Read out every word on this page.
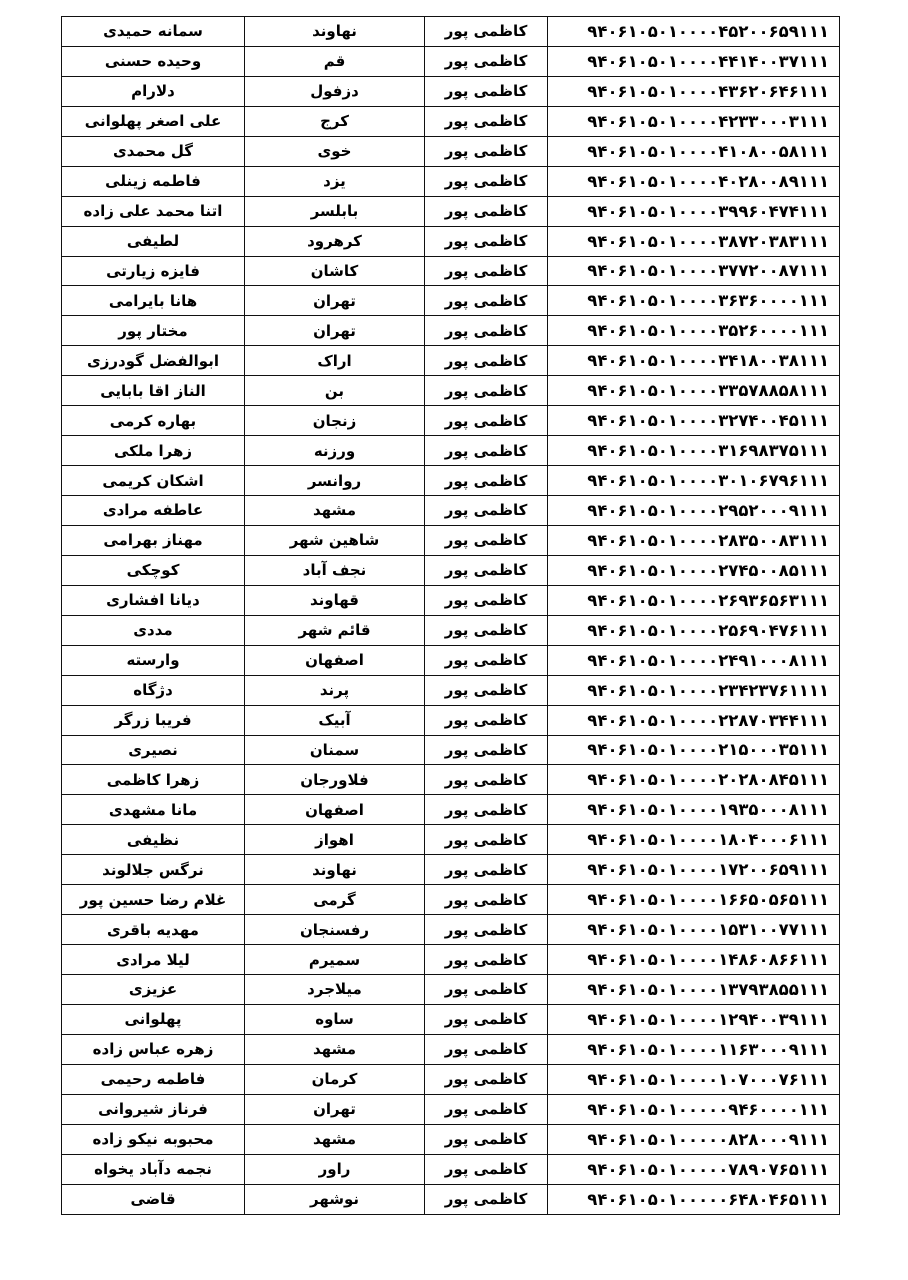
۹۴۰۶۱۰۵۰۱۰۰۰۰۴۵۲۰۰۶۵۹۱۱۱	کاظمی پور	نهاوند	سمانه حمیدی
۹۴۰۶۱۰۵۰۱۰۰۰۰۴۴۱۴۰۰۳۷۱۱۱	کاظمی پور	قم	وحیده حسنی
۹۴۰۶۱۰۵۰۱۰۰۰۰۴۳۶۲۰۶۴۶۱۱۱	کاظمی پور	دزفول	دلارام
۹۴۰۶۱۰۵۰۱۰۰۰۰۴۲۳۳۰۰۰۳۱۱۱	کاظمی پور	کرج	علی اصغر پهلوانی
۹۴۰۶۱۰۵۰۱۰۰۰۰۴۱۰۸۰۰۵۸۱۱۱	کاظمی پور	خوی	گل محمدی
۹۴۰۶۱۰۵۰۱۰۰۰۰۴۰۲۸۰۰۸۹۱۱۱	کاظمی پور	یزد	فاطمه زینلی
۹۴۰۶۱۰۵۰۱۰۰۰۰۳۹۹۶۰۴۷۴۱۱۱	کاظمی پور	بابلسر	اتنا محمد علی زاده
۹۴۰۶۱۰۵۰۱۰۰۰۰۳۸۷۲۰۳۸۳۱۱۱	کاظمی پور	کرهرود	لطیفی
۹۴۰۶۱۰۵۰۱۰۰۰۰۳۷۷۲۰۰۸۷۱۱۱	کاظمی پور	کاشان	فایزه زیارتی
۹۴۰۶۱۰۵۰۱۰۰۰۰۳۶۳۶۰۰۰۰۱۱۱	کاظمی پور	تهران	هانا بایرامی
۹۴۰۶۱۰۵۰۱۰۰۰۰۳۵۲۶۰۰۰۰۱۱۱	کاظمی پور	تهران	مختار پور
۹۴۰۶۱۰۵۰۱۰۰۰۰۳۴۱۸۰۰۳۸۱۱۱	کاظمی پور	اراک	ابوالفضل گودرزی
۹۴۰۶۱۰۵۰۱۰۰۰۰۳۳۵۷۸۸۵۸۱۱۱	کاظمی پور	بن	الناز اقا بابایی
۹۴۰۶۱۰۵۰۱۰۰۰۰۳۲۷۴۰۰۴۵۱۱۱	کاظمی پور	زنجان	بهاره کرمی
۹۴۰۶۱۰۵۰۱۰۰۰۰۳۱۶۹۸۳۷۵۱۱۱	کاظمی پور	ورزنه	زهرا ملکی
۹۴۰۶۱۰۵۰۱۰۰۰۰۳۰۱۰۶۷۹۶۱۱۱	کاظمی پور	روانسر	اشکان کریمی
۹۴۰۶۱۰۵۰۱۰۰۰۰۲۹۵۲۰۰۰۹۱۱۱	کاظمی پور	مشهد	عاطفه مرادی
۹۴۰۶۱۰۵۰۱۰۰۰۰۲۸۳۵۰۰۸۳۱۱۱	کاظمی پور	شاهین شهر	مهناز بهرامی
۹۴۰۶۱۰۵۰۱۰۰۰۰۲۷۴۵۰۰۸۵۱۱۱	کاظمی پور	نجف آباد	کوچکی
۹۴۰۶۱۰۵۰۱۰۰۰۰۲۶۹۳۶۵۶۳۱۱۱	کاظمی پور	قهاوند	دیانا افشاری
۹۴۰۶۱۰۵۰۱۰۰۰۰۲۵۶۹۰۴۷۶۱۱۱	کاظمی پور	قائم شهر	مددی
۹۴۰۶۱۰۵۰۱۰۰۰۰۲۴۹۱۰۰۰۸۱۱۱	کاظمی پور	اصفهان	وارسته
۹۴۰۶۱۰۵۰۱۰۰۰۰۲۳۴۲۳۷۶۱۱۱۱	کاظمی پور	پرند	دژگاه
۹۴۰۶۱۰۵۰۱۰۰۰۰۲۲۸۷۰۳۴۴۱۱۱	کاظمی پور	آبیک	فریبا زرگر
۹۴۰۶۱۰۵۰۱۰۰۰۰۲۱۵۰۰۰۳۵۱۱۱	کاظمی پور	سمنان	نصیری
۹۴۰۶۱۰۵۰۱۰۰۰۰۲۰۲۸۰۸۴۵۱۱۱	کاظمی پور	فلاورجان	زهرا کاظمی
۹۴۰۶۱۰۵۰۱۰۰۰۰۱۹۳۵۰۰۰۸۱۱۱	کاظمی پور	اصفهان	مانا مشهدی
۹۴۰۶۱۰۵۰۱۰۰۰۰۱۸۰۴۰۰۰۶۱۱۱	کاظمی پور	اهواز	نظیفی
۹۴۰۶۱۰۵۰۱۰۰۰۰۱۷۲۰۰۶۵۹۱۱۱	کاظمی پور	نهاوند	نرگس جلالوند
۹۴۰۶۱۰۵۰۱۰۰۰۰۱۶۶۵۰۵۶۵۱۱۱	کاظمی پور	گرمی	غلام رضا حسین پور
۹۴۰۶۱۰۵۰۱۰۰۰۰۱۵۳۱۰۰۷۷۱۱۱	کاظمی پور	رفسنجان	مهدیه باقری
۹۴۰۶۱۰۵۰۱۰۰۰۰۱۴۸۶۰۸۶۶۱۱۱	کاظمی پور	سمیرم	لیلا مرادی
۹۴۰۶۱۰۵۰۱۰۰۰۰۱۳۷۹۳۸۵۵۱۱۱	کاظمی پور	میلاجرد	عزیزی
۹۴۰۶۱۰۵۰۱۰۰۰۰۱۲۹۴۰۰۳۹۱۱۱	کاظمی پور	ساوه	پهلوانی
۹۴۰۶۱۰۵۰۱۰۰۰۰۱۱۶۳۰۰۰۹۱۱۱	کاظمی پور	مشهد	زهره عباس زاده
۹۴۰۶۱۰۵۰۱۰۰۰۰۱۰۷۰۰۰۷۶۱۱۱	کاظمی پور	کرمان	فاطمه رحیمی
۹۴۰۶۱۰۵۰۱۰۰۰۰۰۹۴۶۰۰۰۰۱۱۱	کاظمی پور	تهران	فرناز شیروانی
۹۴۰۶۱۰۵۰۱۰۰۰۰۰۸۲۸۰۰۰۹۱۱۱	کاظمی پور	مشهد	محبوبه نیکو زاده
۹۴۰۶۱۰۵۰۱۰۰۰۰۰۷۸۹۰۷۶۵۱۱۱	کاظمی پور	راور	نجمه دآباد یخواه
۹۴۰۶۱۰۵۰۱۰۰۰۰۰۶۴۸۰۴۶۵۱۱۱	کاظمی پور	نوشهر	قاضی
